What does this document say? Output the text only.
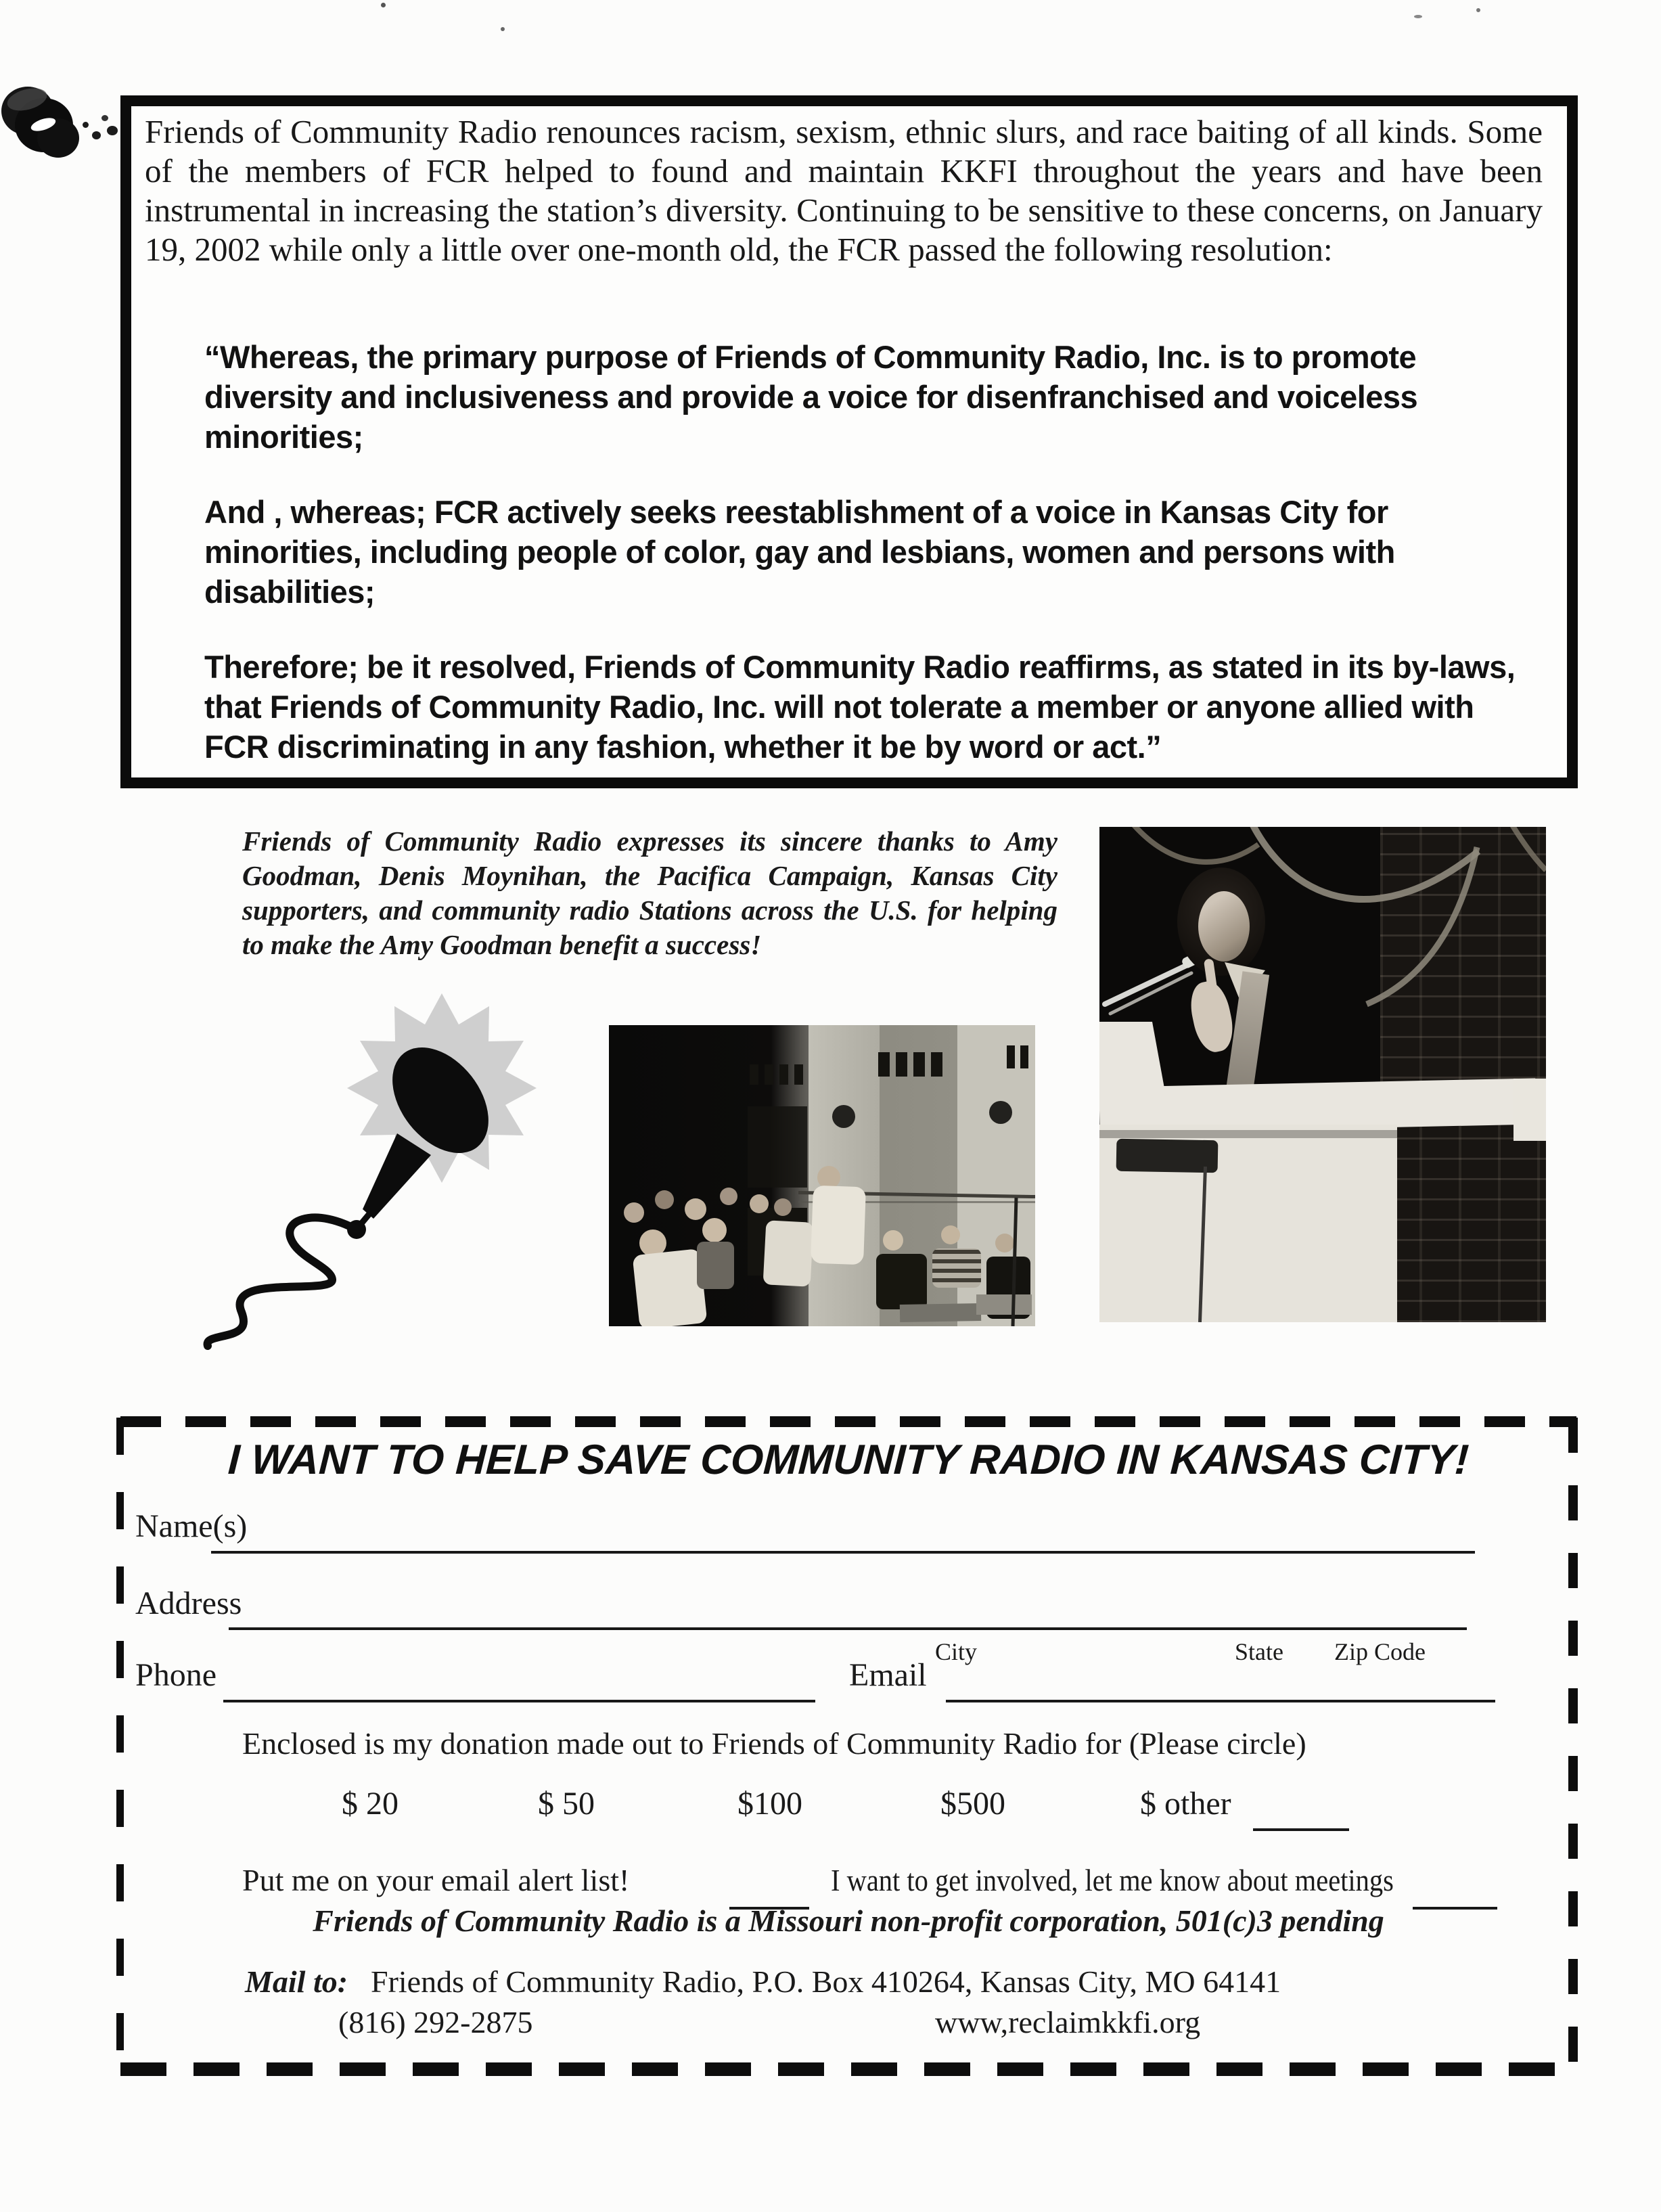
Friends of Community Radio renounces racism, sexism, ethnic slurs, and race baiting of all kinds. Some of the members of FCR helped to found and maintain KKFI throughout the years and have been instrumental in increasing the station’s diversity. Continuing to be sensitive to these concerns, on January 19, 2002 while only a little over one-month old, the FCR passed the following resolution:

“Whereas, the primary purpose of Friends of Community Radio, Inc. is to promote diversity and inclusiveness and provide a voice for disenfranchised and voiceless minorities;

And , whereas; FCR actively seeks reestablishment of a voice in Kansas City for minorities, including people of color, gay and lesbians, women and persons with disabilities;

Therefore; be it resolved, Friends of Community Radio reaffirms, as stated in its by-laws, that Friends of Community Radio, Inc. will not tolerate a member or anyone allied with FCR discriminating in any fashion, whether it be by word or act.”

Friends of Community Radio expresses its sincere thanks to Amy Goodman, Denis Moynihan, the Pacifica Campaign, Kansas City supporters, and community radio Stations across the U.S. for helping to make the Amy Goodman benefit a success!
I WANT TO HELP SAVE COMMUNITY RADIO IN KANSAS CITY!
Name(s)
Address
City	State Zip Code
Phone	Email
Enclosed is my donation made out to Friends of Community Radio for (Please circle)
$ 20	$ 50	$100	$500	$ other
Put me on your email alert list!	I want to get involved, let me know about meetings
Friends of Community Radio is a Missouri non-profit corporation, 501(c)3 pending
Mail to: Friends of Community Radio, P.O. Box 410264, Kansas City, MO 64141
(816) 292-2875	www,reclaimkkfi.org
